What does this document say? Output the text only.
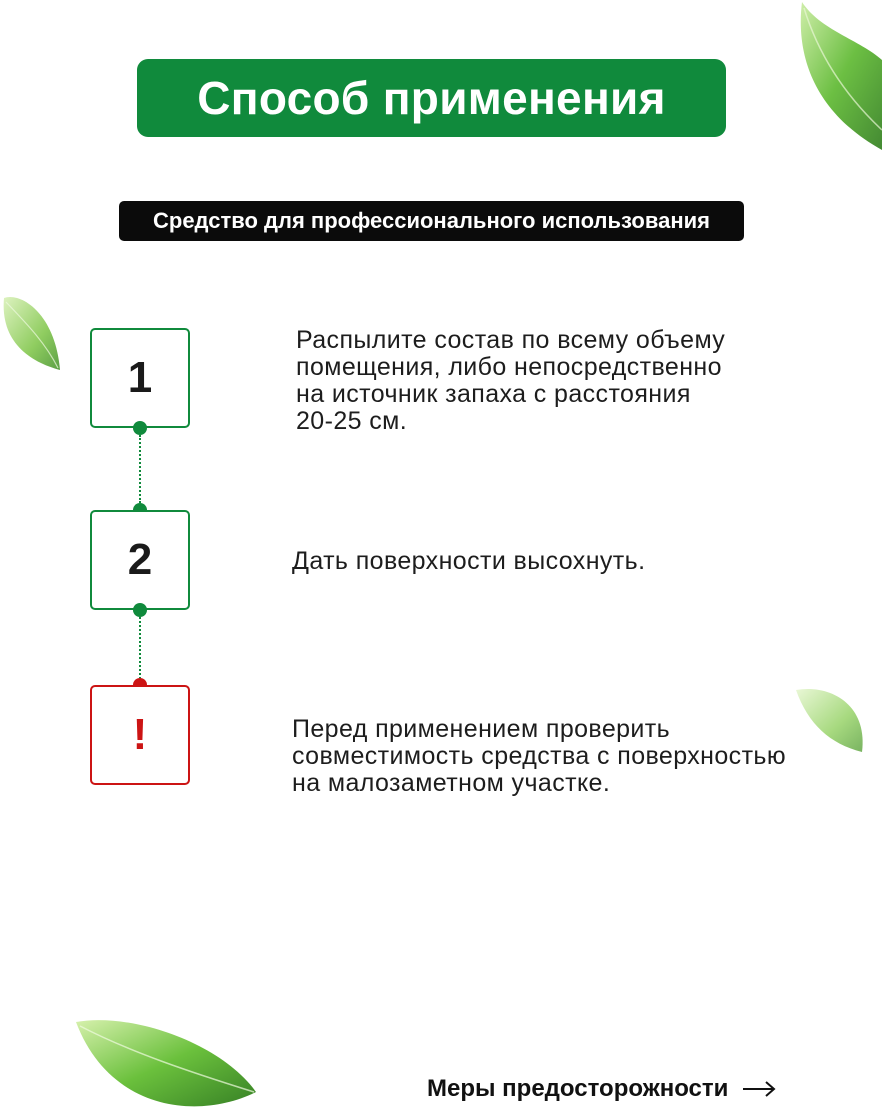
Способ применения
Средство для профессионального использования
1
Распылите состав по всему объему
помещения, либо непосредственно
на источник запаха с расстояния
20-25 см.
2	Дать поверхности высохнуть.
!	Перед применением проверить
совместимость средства с поверхностью
на малозаметном участке.
Меры предосторожности
